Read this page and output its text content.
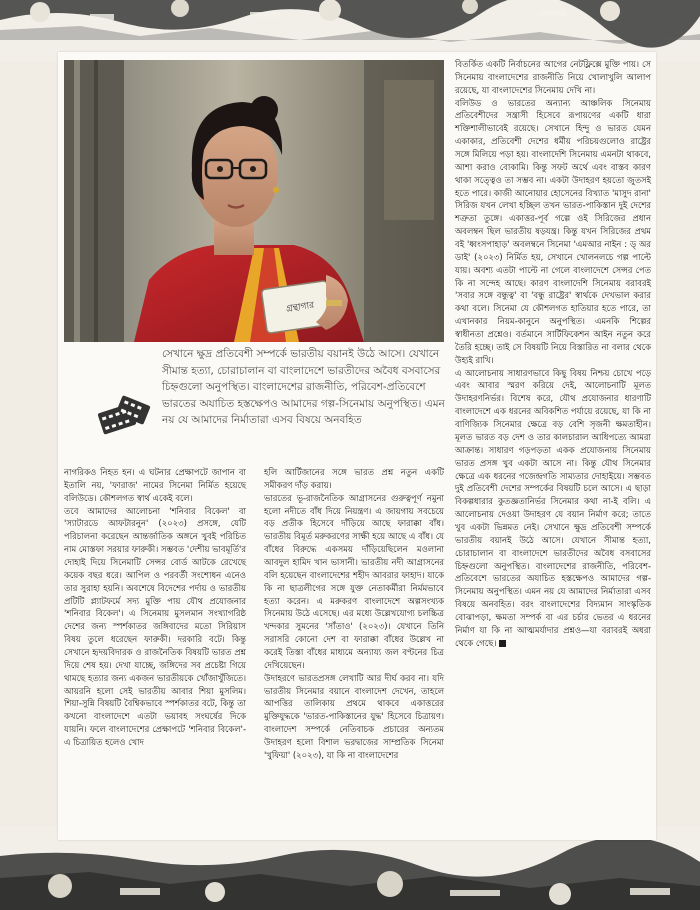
গ্রন্থাগার
সেখানে ক্ষুদ্র প্রতিবেশী সম্পর্কে ভারতীয় বয়ানই উঠে আসে। যেখানে সীমান্ত হত্যা, চোরাচালান বা বাংলাদেশে ভারতীদের অবৈধ বসবাসের চিহ্নগুলো অনুপস্থিত। বাংলাদেশের রাজনীতি, পরিবেশ-প্রতিবেশে ভারতের অযাচিত হস্তক্ষেপও আমাদের গল্প-সিনেমায় অনুপস্থিত। এমন নয় যে আমাদের নির্মাতারা এসব বিষয়ে অনবহিত

বিতর্কিত একটি নির্বাচনের আগের নেটফ্লিক্সে মুক্তি পায়। সে সিনেমায় বাংলাদেশের রাজনীতি নিয়ে খোলাখুলি আলাপ রয়েছে, যা বাংলাদেশের সিনেমায় দেখি না।

বলিউড ও ভারতের অন্যান্য আঞ্চলিক সিনেমায় প্রতিবেশীদের সন্ত্রাসী হিসেবে রূপায়ণের একটি ধারা শক্তিশালীভাবেই রয়েছে। সেখানে হিন্দু ও ভারত যেমন একাকার, প্রতিবেশী দেশের ধর্মীয় পরিচয়গুলোও রাষ্ট্রের সঙ্গে মিলিয়ে পড়া হয়। বাংলাদেশি সিনেমায় এমনটা থাকবে, আশা করাও বোকামি। কিন্তু সফট অর্থে এবং বাস্তব কারণ থাকা সত্ত্বেও তা সম্ভব না। একটা উদাহরণ হয়তো জুতসই হতে পারে। কাজী আনোয়ার হোসেনের বিখ্যাত 'মাসুদ রানা' সিরিজ যখন লেখা হচ্ছিল তখন ভারত-পাকিস্তান দুই দেশের শত্রুতা তুঙ্গে। একাত্তর-পূর্ব গল্পে ওই সিরিজের প্রধান অবলম্বন ছিল ভারতীয় ষড়যন্ত্র। কিন্তু যখন সিরিজের প্রথম বই 'ধ্বংসপাহাড়' অবলম্বনে সিনেমা 'এমআর নাইন : ড্ অর ডাই' (২০২৩) নির্মিত হয়, সেখানে খোলনলচে গল্প পাল্টে যায়। অবশ্য এতটা পাল্টে না গেলে বাংলাদেশে সেন্সর পেত কি না সন্দেহ আছে। কারণ বাংলাদেশি সিনেমায় বরাবরই 'সবার সঙ্গে বন্ধুত্ব' বা 'বন্ধু রাষ্ট্রের' স্বার্থকে দেখভাল করার কথা বলে। সিনেমা যে কৌশলগত হাতিয়ার হতে পারে, তা এখানকার নিয়ম-কানুনে অনুপস্থিত। এমনকি শিল্পের স্বাধীনতা প্রশ্নেও। বর্তমানে সার্টিফিকেশন আইন নতুন করে তৈরি হচ্ছে। তাই সে বিষয়টি নিয়ে বিস্তারিত না বলার থেকে উহ্যই রাখি।

এ আলোচনায় সাধারণভাবে কিছু বিষয় নিশ্চয় চোখে পড়ে এবং আবার স্মরণ করিয়ে দেই, আলোচনাটি মূলত উদাহরণনির্ভর। বিশেষ করে, যৌথ প্রযোজনার ধারণাটি বাংলাদেশে এক ধরনের অবিকশিত পর্যায়ে রয়েছে, যা কি না বাণিজ্যিক সিনেমার ক্ষেত্রে বড় বেশি সৃজনী ক্ষমতাহীন। মূলত ভারত বড় দেশ ও তার কালচারাল আধিপত্যে আমরা আক্রান্ত। সাধারণ গড়পড়তা একক প্রযোজনায় সিনেমায় ভারত প্রসঙ্গ খুব একটা আসে না। কিন্তু যৌথ সিনেমার ক্ষেত্রে এক ধরনের গজেন্দ্রগতি সাম্যতার দোহাইয়ে। সম্ভবত দুই প্রতিবেশী দেশের সম্পর্কের বিষয়টি চলে আসে। এ ছাড়া বিকল্পধারার কুতজ্ঞতানির্ভর সিনেমার কথা না-ই বলি। এ আলোচনায় দেওয়া উদাহরণ যে বয়ান নির্মাণ করে; তাতে খুব একটা ভিন্নমত নেই। সেখানে ক্ষুদ্র প্রতিবেশী সম্পর্কে ভারতীয় বয়ানই উঠে আসে। যেখানে সীমান্ত হত্যা, চোরাচালান বা বাংলাদেশে ভারতীদের অবৈধ বসবাসের চিহ্নগুলো অনুপস্থিত। বাংলাদেশের রাজনীতি, পরিবেশ-প্রতিবেশে ভারতের অযাচিত হস্তক্ষেপও আমাদের গল্প-সিনেমায় অনুপস্থিত। এমন নয় যে আমাদের নির্মাতারা এসব বিষয়ে অনবহিত। বরং বাংলাদেশের বিদ্যমান সাংস্কৃতিক বোঝাপড়া, ক্ষমতা সম্পর্ক বা এর চর্চার ভেতর এ ধরনের নির্মাণ যা কি না আত্মমর্যাদার প্রশ্নও—যা বরাবরই অধরা থেকে গেছে।

নাগরিকও নিহত হন। এ ঘটনার প্রেক্ষাপটে জাপান বা ইতালি নয়, 'ফারাজ' নামের সিনেমা নির্মিত হয়েছে বলিউডে। কৌশলগত স্বার্থ একেই বলে।

তবে আমাদের আলোচনা 'শনিবার বিকেল' বা 'স্যাটারডে আফটারনুন' (২০২৩) প্রসঙ্গে, যেটি পরিচালনা করেছেন আন্তর্জাতিক অঙ্গনে খুবই পরিচিত নাম মোস্তফা সরয়ার ফারুকী। সম্ভবত 'দেশীয় ভাবমূর্তি'র দোহাই দিয়ে সিনেমাটি সেন্সর বোর্ড আটকে রেখেছে কয়েক বছর ধরে। আপিল ও পরবর্তী সংশোধন এনেও তার সুরাহা হয়নি। অবশেষে বিদেশের পর্দায় ও ভারতীয় প্রটিটি প্ল্যাটফর্মে সদ্য মুক্তি পায় যৌথ প্রযোজনার 'শনিবার বিকেল'। এ সিনেমায় মুসলমান সংখ্যাগরিষ্ঠ দেশের জন্য স্পর্শকাতর জঙ্গিবাদের মতো সিরিয়াস বিষয় তুলে ধরেছেন ফারুকী। দরকারি বটে। কিন্তু সেখানে হৃদয়বিদারক ও রাজনৈতিক বিষয়টি ভারত প্রশ্ন দিয়ে শেষ হয়। দেখা যাচ্ছে, জঙ্গিদের সব প্রচেষ্টা গিয়ে থামছে হত্যার জন্য একজন ভারতীয়কে খোঁজাখুঁজিতে। আয়রনি হলো সেই ভারতীয় আবার শিয়া মুসলিম। শিয়া-সুন্নি বিষয়টি বৈশ্বিকভাবে স্পর্শকাতর বটে, কিন্তু তা কখনো বাংলাদেশে এতটা ভয়াবহ সংঘর্ষের দিকে যায়নি। ফলে বাংলাদেশের প্রেক্ষাপটে 'শনিবার বিকেল'-এ চিত্রায়িত হলেও খোদ

হলি আর্টিজানের সঙ্গে ভারত প্রশ্ন নতুন একটি সমীকরণ দাঁড় করায়।

ভারতের ভূ-রাজনৈতিক আগ্রাসনের গুরুত্বপূর্ণ নমুনা হলো নদীতে বাঁধ দিয়ে নিয়ন্ত্রণ। এ জায়গায় সবচেয়ে বড় প্রতীক হিসেবে দাঁড়িয়ে আছে ফারাক্কা বাঁধ। ভারতীয় বিমূর্ত মরুকরণের সাক্ষী হয়ে আছে এ বাঁধ। যে বাঁধের বিরুদ্ধে একসময় দাঁড়িয়েছিলেন মওলানা আবদুল হামিদ খান ভাসানী। ভারতীয় নদী আগ্রাসনের বলি হয়েছেন বাংলাদেশের শহীদ আবরার ফাহাদ। যাকে কি না ছাত্রলীগের সঙ্গে যুক্ত নেতাকর্মীরা নির্মমভাবে হত্যা করেন। এ মরুকরণ বাংলাদেশে অল্পসংখ্যক সিনেমায় উঠে এসেছে। এর মধ্যে উল্লেখযোগ্য চলচ্চিত্র খন্দকার সুমনের 'সাঁতাও' (২০২৩)। যেখানে তিনি সরাসরি কোনো দেশ বা ফারাক্কা বাঁধের উল্লেখ না করেই তিস্তা বাঁধের মাধ্যমে অন্যায্য জল বণ্টনের চিত্র দেখিয়েছেন।

উদাহরণে ভারতপ্রসঙ্গ লেখাটি আর দীর্ঘ করব না। যদি ভারতীয় সিনেমার বয়ানে বাংলাদেশ দেখেন, তাহলে আপত্তির তালিকায় প্রথমে থাকবে একাত্তরের মুক্তিযুদ্ধকে 'ভারত-পাকিস্তানের যুদ্ধ' হিসেবে চিত্রায়ণ। বাংলাদেশ সম্পর্কে নেতিবাচক প্রচারের অন্যতম উদাহরণ হলো বিশাল ভরদ্বাজের সাম্প্রতিক সিনেমা 'খুফিয়া' (২০২৩), যা কি না বাংলাদেশের
